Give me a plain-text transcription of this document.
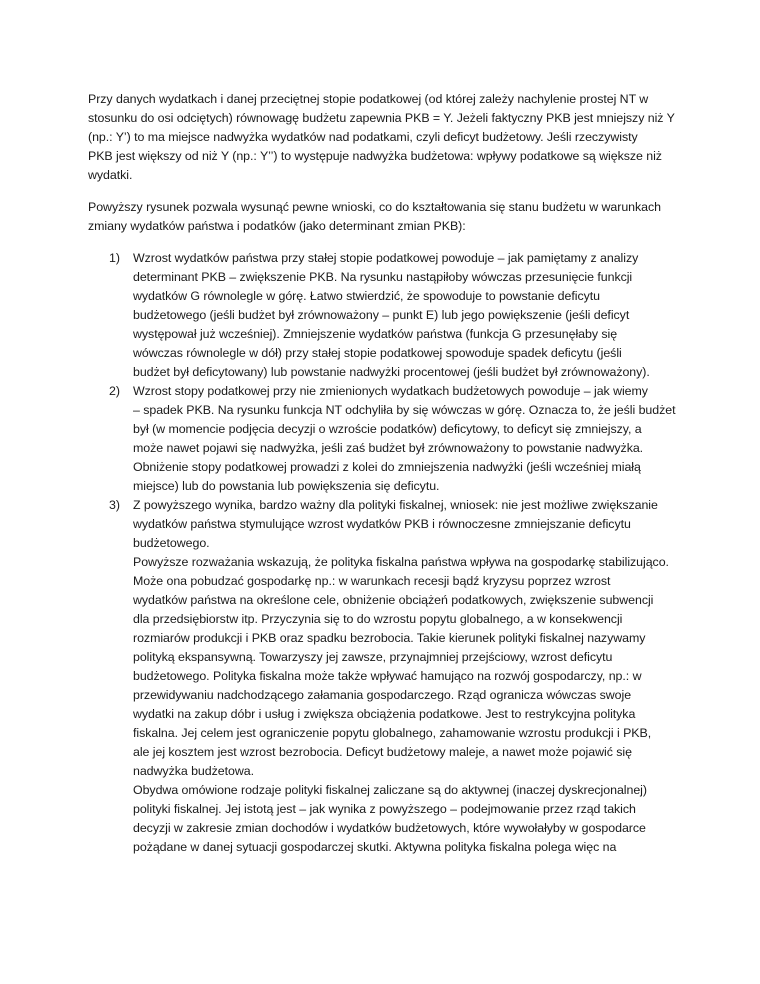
Przy danych wydatkach i danej przeciętnej stopie podatkowej (od której zależy nachylenie prostej NT w
stosunku do osi odciętych) równowagę budżetu zapewnia PKB = Y. Jeżeli faktyczny PKB jest mniejszy niż Y
(np.: Y’) to ma miejsce nadwyżka wydatków nad podatkami, czyli deficyt budżetowy. Jeśli rzeczywisty
PKB jest większy od niż Y (np.: Y’’) to występuje nadwyżka budżetowa: wpływy podatkowe są większe niż
wydatki.
Powyższy rysunek pozwala wysunąć pewne wnioski, co do kształtowania się stanu budżetu w warunkach
zmiany wydatków państwa i podatków (jako determinant zmian PKB):
1) Wzrost wydatków państwa przy stałej stopie podatkowej powoduje – jak pamiętamy z analizy
determinant PKB – zwiększenie PKB. Na rysunku nastąpiłoby wówczas przesunięcie funkcji
wydatków G równolegle w górę. Łatwo stwierdzić, że spowoduje to powstanie deficytu
budżetowego (jeśli budżet był zrównoważony – punkt E) lub jego powiększenie (jeśli deficyt
występował już wcześniej). Zmniejszenie wydatków państwa (funkcja G przesunęłaby się
wówczas równolegle w dół) przy stałej stopie podatkowej spowoduje spadek deficytu (jeśli
budżet był deficytowany) lub powstanie nadwyżki procentowej (jeśli budżet był zrównoważony).
2) Wzrost stopy podatkowej przy nie zmienionych wydatkach budżetowych powoduje – jak wiemy
– spadek PKB. Na rysunku funkcja NT odchyliła by się wówczas w górę. Oznacza to, że jeśli budżet
był (w momencie podjęcia decyzji o wzroście podatków) deficytowy, to deficyt się zmniejszy, a
może nawet pojawi się nadwyżka, jeśli zaś budżet był zrównoważony to powstanie nadwyżka.
Obniżenie stopy podatkowej prowadzi z kolei do zmniejszenia nadwyżki (jeśli wcześniej miałą
miejsce) lub do powstania lub powiększenia się deficytu.
3) Z powyższego wynika, bardzo ważny dla polityki fiskalnej, wniosek: nie jest możliwe zwiększanie
wydatków państwa stymulujące wzrost wydatków PKB i równoczesne zmniejszanie deficytu
budżetowego.
Powyższe rozważania wskazują, że polityka fiskalna państwa wpływa na gospodarkę stabilizująco.
Może ona pobudzać gospodarkę np.: w warunkach recesji bądź kryzysu poprzez wzrost
wydatków państwa na określone cele, obniżenie obciążeń podatkowych, zwiększenie subwencji
dla przedsiębiorstw itp. Przyczynia się to do wzrostu popytu globalnego, a w konsekwencji
rozmiarów produkcji i PKB oraz spadku bezrobocia. Takie kierunek polityki fiskalnej nazywamy
polityką ekspansywną. Towarzyszy jej zawsze, przynajmniej przejściowy, wzrost deficytu
budżetowego. Polityka fiskalna może także wpływać hamująco na rozwój gospodarczy, np.: w
przewidywaniu nadchodzącego załamania gospodarczego. Rząd ogranicza wówczas swoje
wydatki na zakup dóbr i usług i zwiększa obciążenia podatkowe. Jest to restrykcyjna polityka
fiskalna. Jej celem jest ograniczenie popytu globalnego, zahamowanie wzrostu produkcji i PKB,
ale jej kosztem jest wzrost bezrobocia. Deficyt budżetowy maleje, a nawet może pojawić się
nadwyżka budżetowa.
Obydwa omówione rodzaje polityki fiskalnej zaliczane są do aktywnej (inaczej dyskrecjonalnej)
polityki fiskalnej. Jej istotą jest – jak wynika z powyższego – podejmowanie przez rząd takich
decyzji w zakresie zmian dochodów i wydatków budżetowych, które wywołałyby w gospodarce
pożądane w danej sytuacji gospodarczej skutki. Aktywna polityka fiskalna polega więc na
